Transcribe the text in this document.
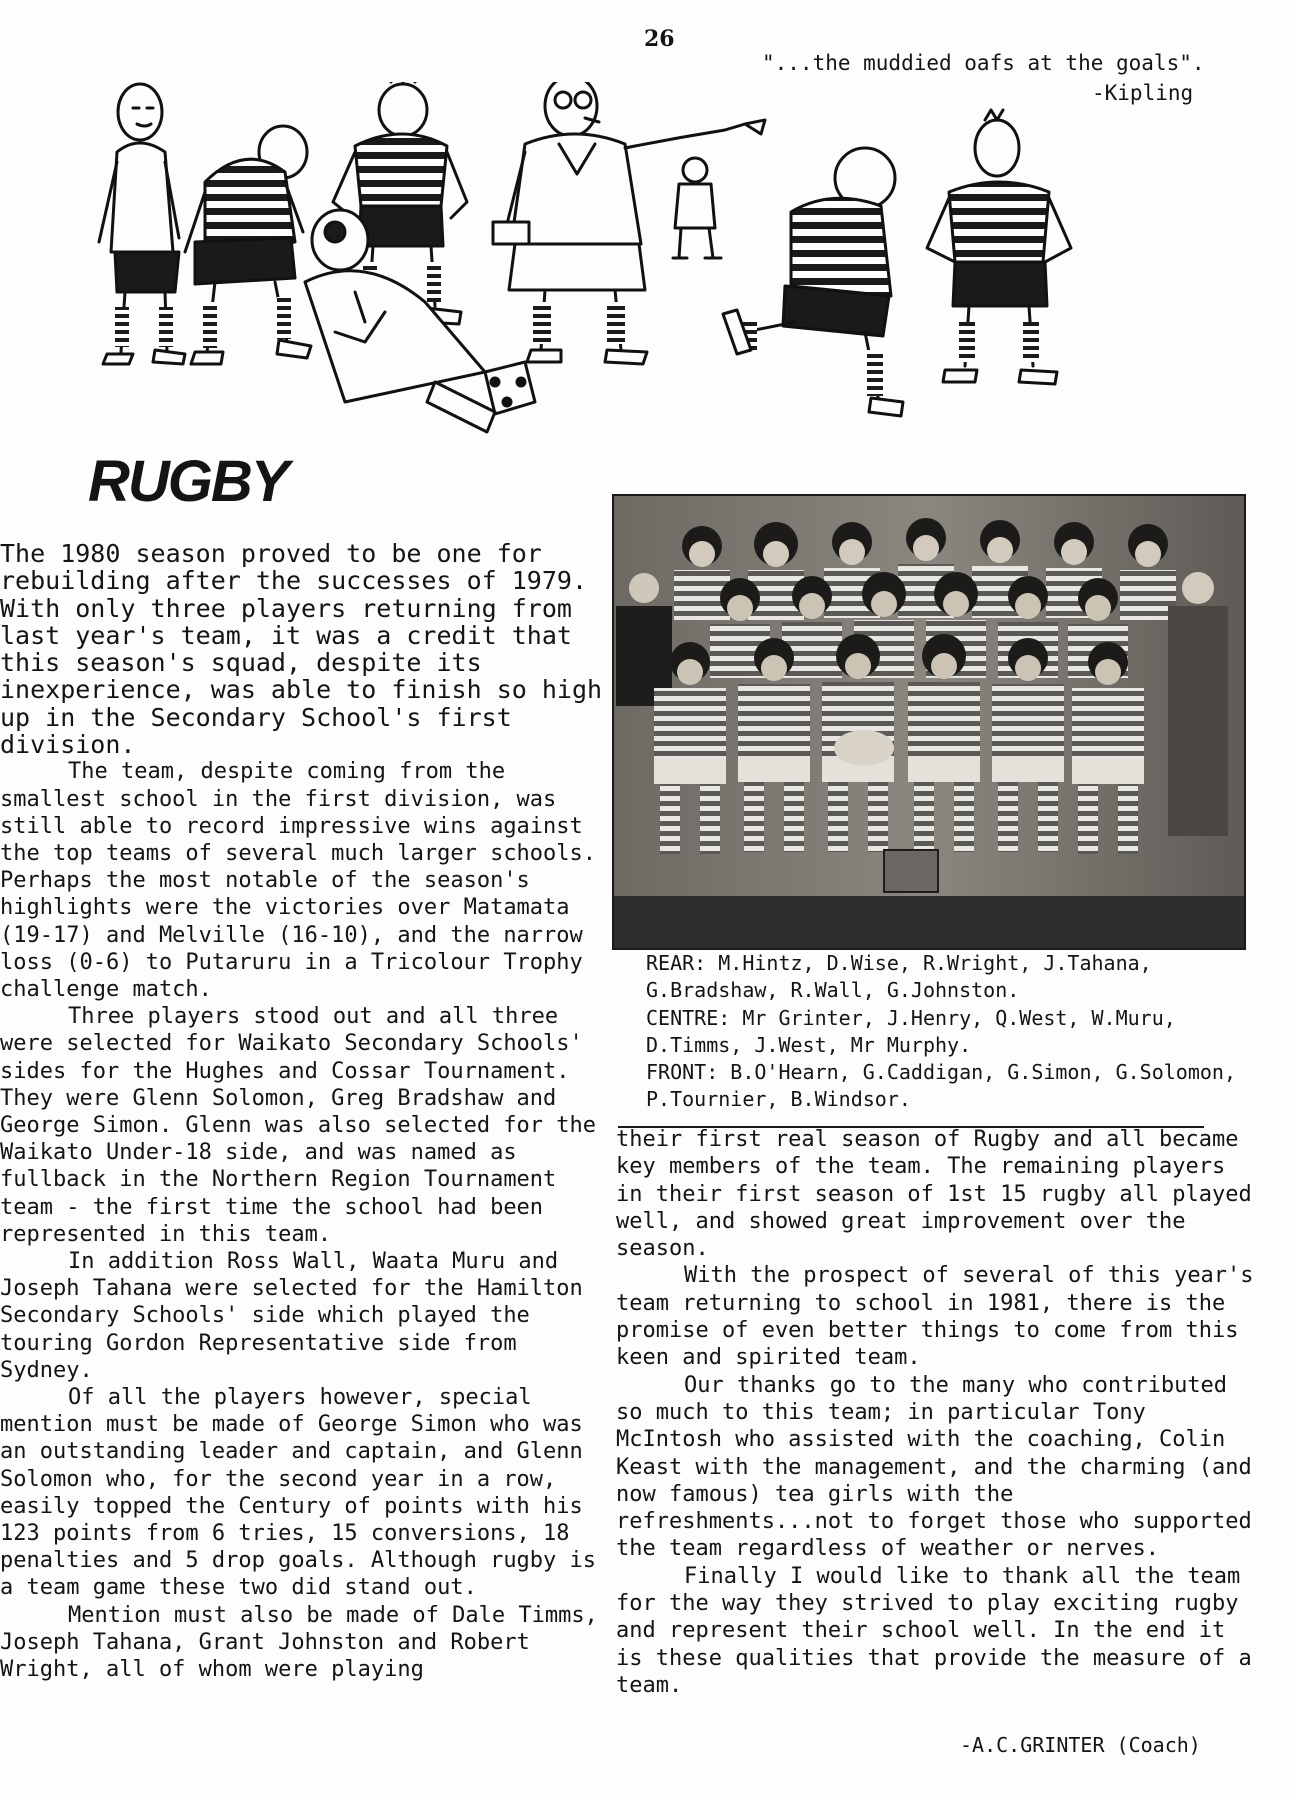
26
"...the muddied oafs at the goals".
-Kipling
RUGBY

The 1980 season proved to be one for rebuilding after the successes of 1979. With only three players returning from last year's team, it was a credit that this season's squad, despite its inexperience, was able to finish so high up in the Secondary School's first division.

The team, despite coming from the smallest school in the first division, was still able to record impressive wins against the top teams of several much larger schools. Perhaps the most notable of the season's highlights were the victories over Matamata (19-17) and Melville (16-10), and the narrow loss (0-6) to Putaruru in a Tricolour Trophy challenge match.

Three players stood out and all three were selected for Waikato Secondary Schools' sides for the Hughes and Cossar Tournament. They were Glenn Solomon, Greg Bradshaw and George Simon. Glenn was also selected for the Waikato Under-18 side, and was named as fullback in the Northern Region Tournament team - the first time the school had been represented in this team.

In addition Ross Wall, Waata Muru and Joseph Tahana were selected for the Hamilton Secondary Schools' side which played the touring Gordon Representative side from Sydney.

Of all the players however, special mention must be made of George Simon who was an outstanding leader and captain, and Glenn Solomon who, for the second year in a row, easily topped the Century of points with his 123 points from 6 tries, 15 conversions, 18 penalties and 5 drop goals. Although rugby is a team game these two did stand out.

Mention must also be made of Dale Timms, Joseph Tahana, Grant Johnston and Robert Wright, all of whom were playing

REAR: M.Hintz, D.Wise, R.Wright, J.Tahana, G.Bradshaw, R.Wall, G.Johnston.

CENTRE: Mr Grinter, J.Henry, Q.West, W.Muru, D.Timms, J.West, Mr Murphy.

FRONT: B.O'Hearn, G.Caddigan, G.Simon, G.Solomon, P.Tournier, B.Windsor.

their first real season of Rugby and all became key members of the team. The remaining players in their first season of 1st 15 rugby all played well, and showed great improvement over the season.

With the prospect of several of this year's team returning to school in 1981, there is the promise of even better things to come from this keen and spirited team.

Our thanks go to the many who contributed so much to this team; in particular Tony McIntosh who assisted with the coaching, Colin Keast with the management, and the charming (and now famous) tea girls with the refreshments...not to forget those who supported the team regardless of weather or nerves.

Finally I would like to thank all the team for the way they strived to play exciting rugby and represent their school well. In the end it is these qualities that provide the measure of a team.

-A.C.GRINTER (Coach)
